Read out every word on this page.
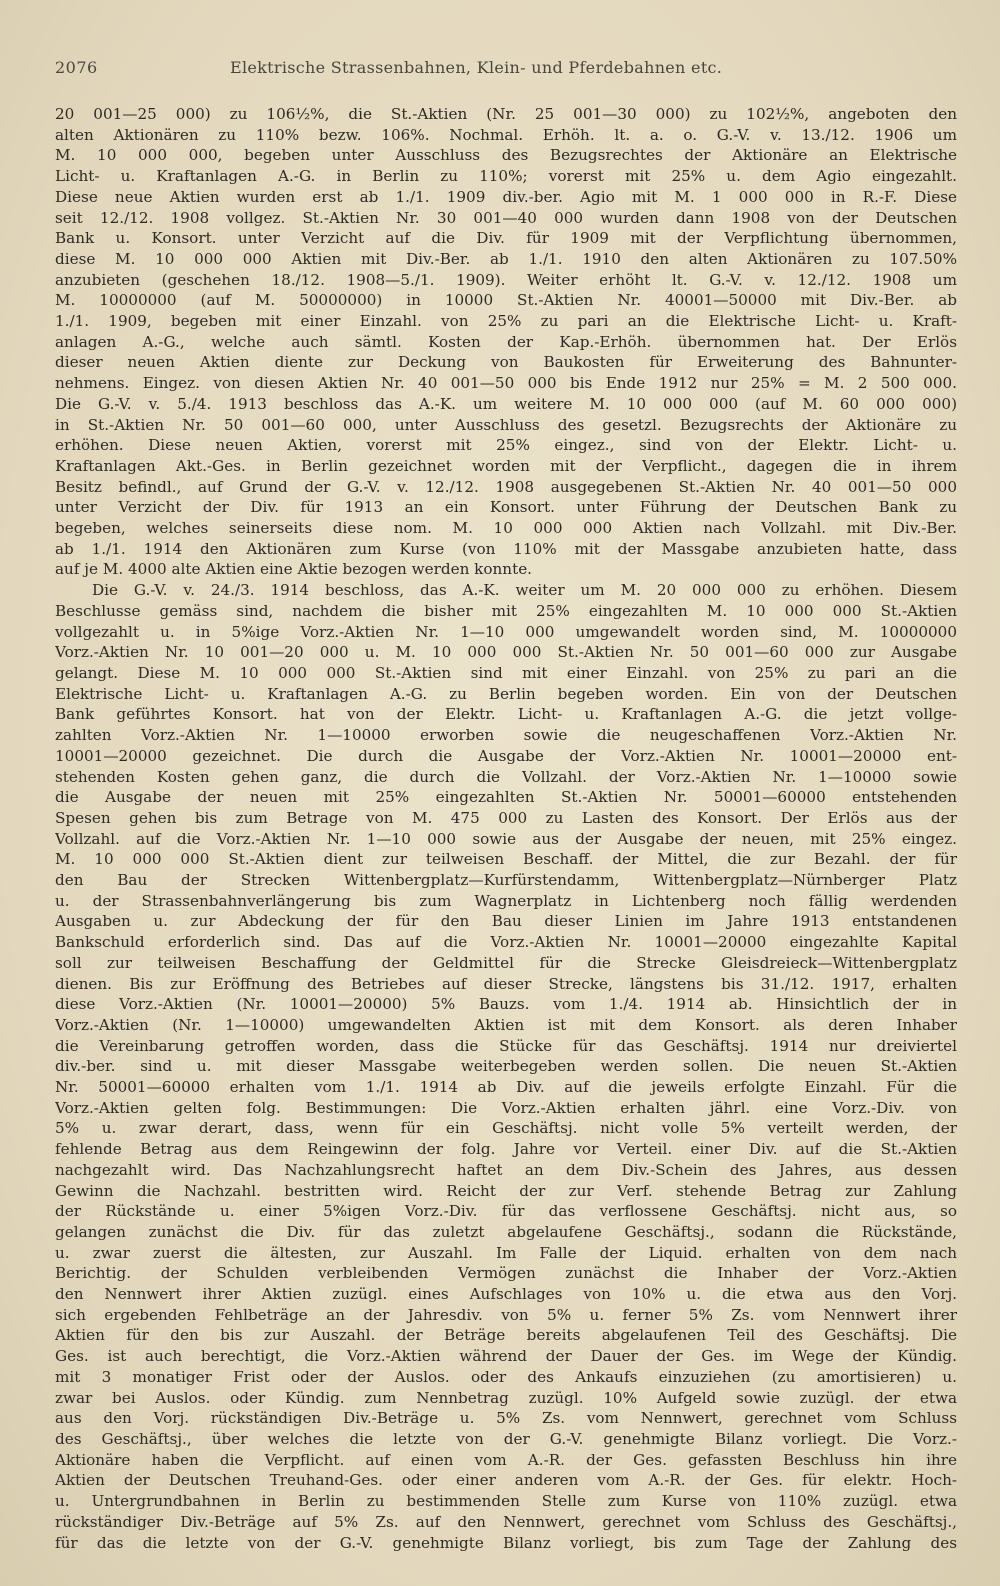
2076	Elektrische Strassenbahnen, Klein- und Pferdebahnen etc.
20 001—25 000) zu 106½%, die St.-Aktien (Nr. 25 001—30 000) zu 102½%, angeboten den
alten Aktionären zu 110% bezw. 106%. Nochmal. Erhöh. lt. a. o. G.-V. v. 13./12. 1906 um
M. 10 000 000, begeben unter Ausschluss des Bezugsrechtes der Aktionäre an Elektrische
Licht- u. Kraftanlagen A.-G. in Berlin zu 110%; vorerst mit 25% u. dem Agio eingezahlt.
Diese neue Aktien wurden erst ab 1./1. 1909 div.-ber. Agio mit M. 1 000 000 in R.-F. Diese
seit 12./12. 1908 vollgez. St.-Aktien Nr. 30 001—40 000 wurden dann 1908 von der Deutschen
Bank u. Konsort. unter Verzicht auf die Div. für 1909 mit der Verpflichtung übernommen,
diese M. 10 000 000 Aktien mit Div.-Ber. ab 1./1. 1910 den alten Aktionären zu 107.50%
anzubieten (geschehen 18./12. 1908—5./1. 1909). Weiter erhöht lt. G.-V. v. 12./12. 1908 um
M. 10000000 (auf M. 50000000) in 10000 St.-Aktien Nr. 40001—50000 mit Div.-Ber. ab
1./1. 1909, begeben mit einer Einzahl. von 25% zu pari an die Elektrische Licht- u. Kraft-
anlagen A.-G., welche auch sämtl. Kosten der Kap.-Erhöh. übernommen hat. Der Erlös
dieser neuen Aktien diente zur Deckung von Baukosten für Erweiterung des Bahnunter-
nehmens. Eingez. von diesen Aktien Nr. 40 001—50 000 bis Ende 1912 nur 25% = M. 2 500 000.
Die G.-V. v. 5./4. 1913 beschloss das A.-K. um weitere M. 10 000 000 (auf M. 60 000 000)
in St.-Aktien Nr. 50 001—60 000, unter Ausschluss des gesetzl. Bezugsrechts der Aktionäre zu
erhöhen. Diese neuen Aktien, vorerst mit 25% eingez., sind von der Elektr. Licht- u.
Kraftanlagen Akt.-Ges. in Berlin gezeichnet worden mit der Verpflicht., dagegen die in ihrem
Besitz befindl., auf Grund der G.-V. v. 12./12. 1908 ausgegebenen St.-Aktien Nr. 40 001—50 000
unter Verzicht der Div. für 1913 an ein Konsort. unter Führung der Deutschen Bank zu
begeben, welches seinerseits diese nom. M. 10 000 000 Aktien nach Vollzahl. mit Div.-Ber.
ab 1./1. 1914 den Aktionären zum Kurse (von 110% mit der Massgabe anzubieten hatte, dass
auf je M. 4000 alte Aktien eine Aktie bezogen werden konnte.
Die G.-V. v. 24./3. 1914 beschloss, das A.-K. weiter um M. 20 000 000 zu erhöhen. Diesem
Beschlusse gemäss sind, nachdem die bisher mit 25% eingezahlten M. 10 000 000 St.-Aktien
vollgezahlt u. in 5%ige Vorz.-Aktien Nr. 1—10 000 umgewandelt worden sind, M. 10000000
Vorz.-Aktien Nr. 10 001—20 000 u. M. 10 000 000 St.-Aktien Nr. 50 001—60 000 zur Ausgabe
gelangt. Diese M. 10 000 000 St.-Aktien sind mit einer Einzahl. von 25% zu pari an die
Elektrische Licht- u. Kraftanlagen A.-G. zu Berlin begeben worden. Ein von der Deutschen
Bank geführtes Konsort. hat von der Elektr. Licht- u. Kraftanlagen A.-G. die jetzt vollge-
zahlten Vorz.-Aktien Nr. 1—10000 erworben sowie die neugeschaffenen Vorz.-Aktien Nr.
10001—20000 gezeichnet. Die durch die Ausgabe der Vorz.-Aktien Nr. 10001—20000 ent-
stehenden Kosten gehen ganz, die durch die Vollzahl. der Vorz.-Aktien Nr. 1—10000 sowie
die Ausgabe der neuen mit 25% eingezahlten St.-Aktien Nr. 50001—60000 entstehenden
Spesen gehen bis zum Betrage von M. 475 000 zu Lasten des Konsort. Der Erlös aus der
Vollzahl. auf die Vorz.-Aktien Nr. 1—10 000 sowie aus der Ausgabe der neuen, mit 25% eingez.
M. 10 000 000 St.-Aktien dient zur teilweisen Beschaff. der Mittel, die zur Bezahl. der für
den Bau der Strecken Wittenbergplatz—Kurfürstendamm, Wittenbergplatz—Nürnberger Platz
u. der Strassenbahnverlängerung bis zum Wagnerplatz in Lichtenberg noch fällig werdenden
Ausgaben u. zur Abdeckung der für den Bau dieser Linien im Jahre 1913 entstandenen
Bankschuld erforderlich sind. Das auf die Vorz.-Aktien Nr. 10001—20000 eingezahlte Kapital
soll zur teilweisen Beschaffung der Geldmittel für die Strecke Gleisdreieck—Wittenbergplatz
dienen. Bis zur Eröffnung des Betriebes auf dieser Strecke, längstens bis 31./12. 1917, erhalten
diese Vorz.-Aktien (Nr. 10001—20000) 5% Bauzs. vom 1./4. 1914 ab. Hinsichtlich der in
Vorz.-Aktien (Nr. 1—10000) umgewandelten Aktien ist mit dem Konsort. als deren Inhaber
die Vereinbarung getroffen worden, dass die Stücke für das Geschäftsj. 1914 nur dreiviertel
div.-ber. sind u. mit dieser Massgabe weiterbegeben werden sollen. Die neuen St.-Aktien
Nr. 50001—60000 erhalten vom 1./1. 1914 ab Div. auf die jeweils erfolgte Einzahl. Für die
Vorz.-Aktien gelten folg. Bestimmungen: Die Vorz.-Aktien erhalten jährl. eine Vorz.-Div. von
5% u. zwar derart, dass, wenn für ein Geschäftsj. nicht volle 5% verteilt werden, der
fehlende Betrag aus dem Reingewinn der folg. Jahre vor Verteil. einer Div. auf die St.-Aktien
nachgezahlt wird. Das Nachzahlungsrecht haftet an dem Div.-Schein des Jahres, aus dessen
Gewinn die Nachzahl. bestritten wird. Reicht der zur Verf. stehende Betrag zur Zahlung
der Rückstände u. einer 5%igen Vorz.-Div. für das verflossene Geschäftsj. nicht aus, so
gelangen zunächst die Div. für das zuletzt abgelaufene Geschäftsj., sodann die Rückstände,
u. zwar zuerst die ältesten, zur Auszahl. Im Falle der Liquid. erhalten von dem nach
Berichtig. der Schulden verbleibenden Vermögen zunächst die Inhaber der Vorz.-Aktien
den Nennwert ihrer Aktien zuzügl. eines Aufschlages von 10% u. die etwa aus den Vorj.
sich ergebenden Fehlbeträge an der Jahresdiv. von 5% u. ferner 5% Zs. vom Nennwert ihrer
Aktien für den bis zur Auszahl. der Beträge bereits abgelaufenen Teil des Geschäftsj. Die
Ges. ist auch berechtigt, die Vorz.-Aktien während der Dauer der Ges. im Wege der Kündig.
mit 3 monatiger Frist oder der Auslos. oder des Ankaufs einzuziehen (zu amortisieren) u.
zwar bei Auslos. oder Kündig. zum Nennbetrag zuzügl. 10% Aufgeld sowie zuzügl. der etwa
aus den Vorj. rückständigen Div.-Beträge u. 5% Zs. vom Nennwert, gerechnet vom Schluss
des Geschäftsj., über welches die letzte von der G.-V. genehmigte Bilanz vorliegt. Die Vorz.-
Aktionäre haben die Verpflicht. auf einen vom A.-R. der Ges. gefassten Beschluss hin ihre
Aktien der Deutschen Treuhand-Ges. oder einer anderen vom A.-R. der Ges. für elektr. Hoch-
u. Untergrundbahnen in Berlin zu bestimmenden Stelle zum Kurse von 110% zuzügl. etwa
rückständiger Div.-Beträge auf 5% Zs. auf den Nennwert, gerechnet vom Schluss des Geschäftsj.,
für das die letzte von der G.-V. genehmigte Bilanz vorliegt, bis zum Tage der Zahlung des
